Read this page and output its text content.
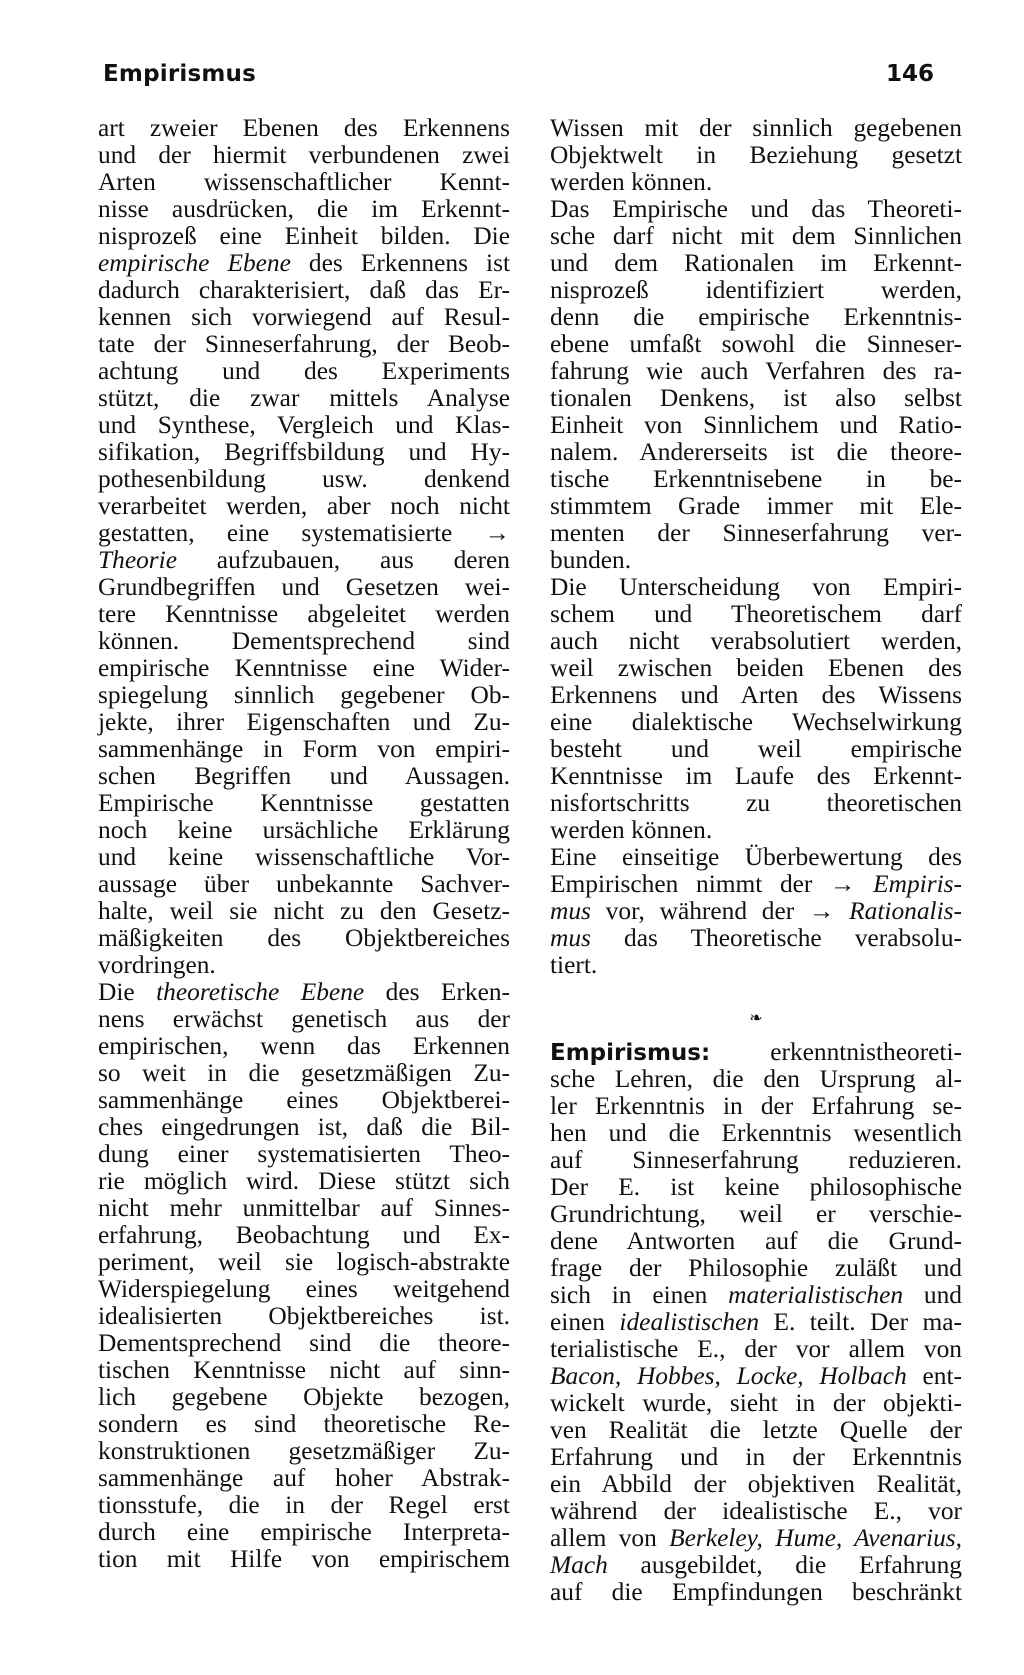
Empirismus	146
art zweier Ebenen des Erkennens
und der hiermit verbundenen zwei
Arten wissenschaftlicher Kennt-
nisse ausdrücken, die im Erkennt-
nisprozeß eine Einheit bilden. Die
empirische Ebene des Erkennens ist
dadurch charakterisiert, daß das Er-
kennen sich vorwiegend auf Resul-
tate der Sinneserfahrung, der Beob-
achtung und des Experiments
stützt, die zwar mittels Analyse
und Synthese, Vergleich und Klas-
sifikation, Begriffsbildung und Hy-
pothesenbildung usw. denkend
verarbeitet werden, aber noch nicht
gestatten, eine systematisierte →
Theorie aufzubauen, aus deren
Grundbegriffen und Gesetzen wei-
tere Kenntnisse abgeleitet werden
können. Dementsprechend sind
empirische Kenntnisse eine Wider-
spiegelung sinnlich gegebener Ob-
jekte, ihrer Eigenschaften und Zu-
sammenhänge in Form von empiri-
schen Begriffen und Aussagen.
Empirische Kenntnisse gestatten
noch keine ursächliche Erklärung
und keine wissenschaftliche Vor-
aussage über unbekannte Sachver-
halte, weil sie nicht zu den Gesetz-
mäßigkeiten des Objektbereiches
vordringen.
Die theoretische Ebene des Erken-
nens erwächst genetisch aus der
empirischen, wenn das Erkennen
so weit in die gesetzmäßigen Zu-
sammenhänge eines Objektberei-
ches eingedrungen ist, daß die Bil-
dung einer systematisierten Theo-
rie möglich wird. Diese stützt sich
nicht mehr unmittelbar auf Sinnes-
erfahrung, Beobachtung und Ex-
periment, weil sie logisch-abstrakte
Widerspiegelung eines weitgehend
idealisierten Objektbereiches ist.
Dementsprechend sind die theore-
tischen Kenntnisse nicht auf sinn-
lich gegebene Objekte bezogen,
sondern es sind theoretische Re-
konstruktionen gesetzmäßiger Zu-
sammenhänge auf hoher Abstrak-
tionsstufe, die in der Regel erst
durch eine empirische Interpreta-
tion mit Hilfe von empirischem
Wissen mit der sinnlich gegebenen
Objektwelt in Beziehung gesetzt
werden können.
Das Empirische und das Theoreti-
sche darf nicht mit dem Sinnlichen
und dem Rationalen im Erkennt-
nisprozeß identifiziert werden,
denn die empirische Erkenntnis-
ebene umfaßt sowohl die Sinneser-
fahrung wie auch Verfahren des ra-
tionalen Denkens, ist also selbst
Einheit von Sinnlichem und Ratio-
nalem. Andererseits ist die theore-
tische Erkenntnisebene in be-
stimmtem Grade immer mit Ele-
menten der Sinneserfahrung ver-
bunden.
Die Unterscheidung von Empiri-
schem und Theoretischem darf
auch nicht verabsolutiert werden,
weil zwischen beiden Ebenen des
Erkennens und Arten des Wissens
eine dialektische Wechselwirkung
besteht und weil empirische
Kenntnisse im Laufe des Erkennt-
nisfortschritts zu theoretischen
werden können.
Eine einseitige Überbewertung des
Empirischen nimmt der → Empiris-
mus vor, während der → Rationalis-
mus das Theoretische verabsolu-
tiert.
❧
Empirismus: erkenntnistheoreti-
sche Lehren, die den Ursprung al-
ler Erkenntnis in der Erfahrung se-
hen und die Erkenntnis wesentlich
auf Sinneserfahrung reduzieren.
Der E. ist keine philosophische
Grundrichtung, weil er verschie-
dene Antworten auf die Grund-
frage der Philosophie zuläßt und
sich in einen materialistischen und
einen idealistischen E. teilt. Der ma-
terialistische E., der vor allem von
Bacon, Hobbes, Locke, Holbach ent-
wickelt wurde, sieht in der objekti-
ven Realität die letzte Quelle der
Erfahrung und in der Erkenntnis
ein Abbild der objektiven Realität,
während der idealistische E., vor
allem von Berkeley, Hume, Avenarius,
Mach ausgebildet, die Erfahrung
auf die Empfindungen beschränkt
